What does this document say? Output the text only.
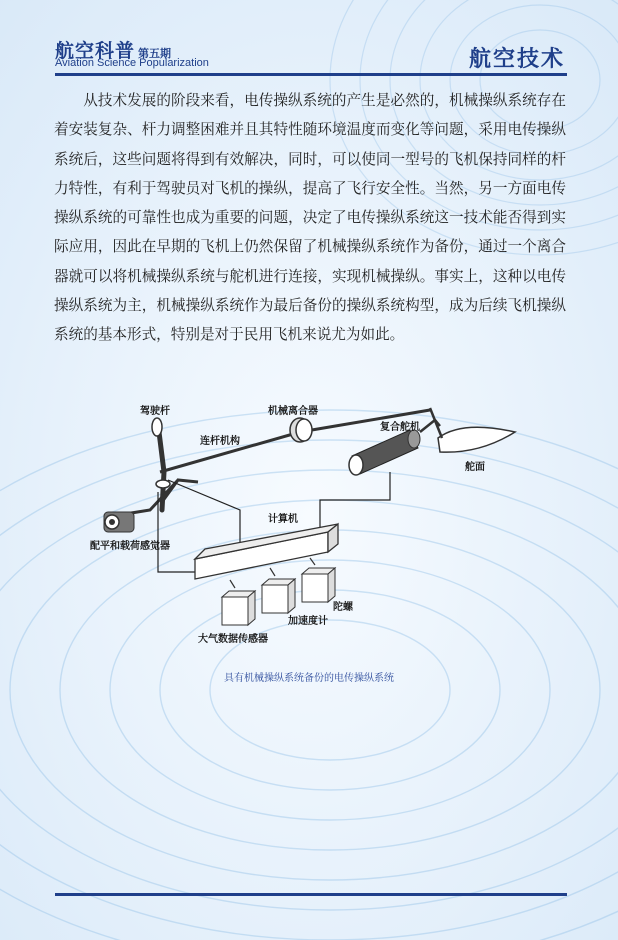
航空科普 第五期
Aviation Science Popularization	航空技术

从技术发展的阶段来看，电传操纵系统的产生是必然的，机械操纵系统存在着安装复杂、杆力调整困难并且其特性随环境温度而变化等问题，采用电传操纵系统后，这些问题将得到有效解决，同时，可以使同一型号的飞机保持同样的杆力特性，有利于驾驶员对飞机的操纵，提高了飞行安全性。当然，另一方面电传操纵系统的可靠性也成为重要的问题，决定了电传操纵系统这一技术能否得到实际应用，因此在早期的飞机上仍然保留了机械操纵系统作为备份，通过一个离合器就可以将机械操纵系统与舵机进行连接，实现机械操纵。事实上，这种以电传操纵系统为主，机械操纵系统作为最后备份的操纵系统构型，成为后续飞机操纵系统的基本形式，特别是对于民用飞机来说尤为如此。

驾驶杆
连杆机构
机械离合器
复合舵机
舵面
配平和载荷感觉器
计算机
陀螺
加速度计
大气数据传感器
具有机械操纵系统备份的电传操纵系统
